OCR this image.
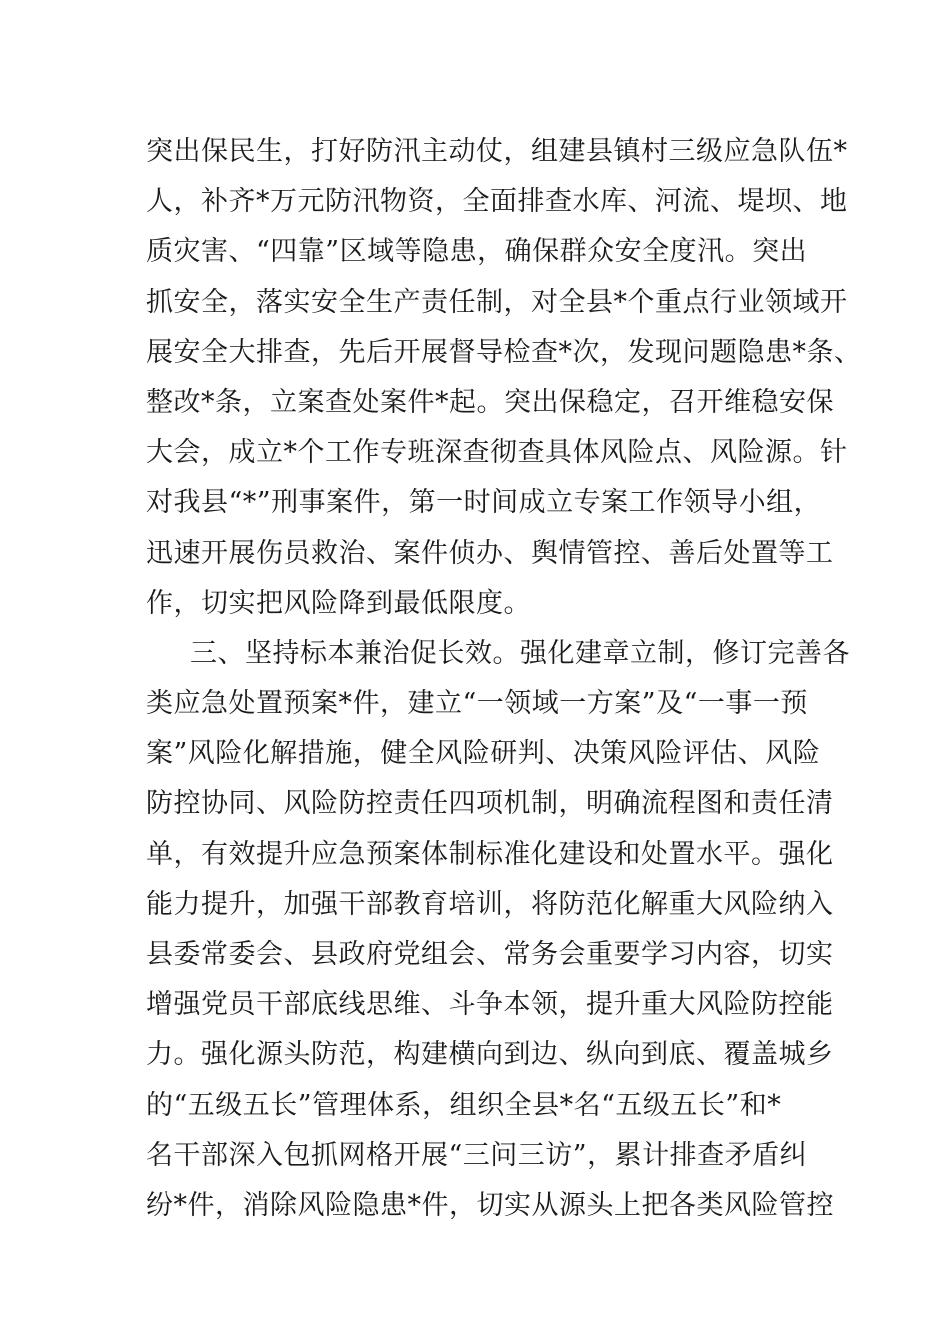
突出保民生，打好防汛主动仗，组建县镇村三级应急队伍*
人，补齐*万元防汛物资，全面排查水库、河流、堤坝、地
质灾害、“四靠”区域等隐患，确保群众安全度汛。突出
抓安全，落实安全生产责任制，对全县*个重点行业领域开
展安全大排查，先后开展督导检查*次，发现问题隐患*条、
整改*条，立案查处案件*起。突出保稳定，召开维稳安保
大会，成立*个工作专班深查彻查具体风险点、风险源。针
对我县“*”刑事案件，第一时间成立专案工作领导小组，
迅速开展伤员救治、案件侦办、舆情管控、善后处置等工
作，切实把风险降到最低限度。
三、坚持标本兼治促长效。强化建章立制，修订完善各
类应急处置预案*件，建立“一领域一方案”及“一事一预
案”风险化解措施，健全风险研判、决策风险评估、风险
防控协同、风险防控责任四项机制，明确流程图和责任清
单，有效提升应急预案体制标准化建设和处置水平。强化
能力提升，加强干部教育培训，将防范化解重大风险纳入
县委常委会、县政府党组会、常务会重要学习内容，切实
增强党员干部底线思维、斗争本领，提升重大风险防控能
力。强化源头防范，构建横向到边、纵向到底、覆盖城乡
的“五级五长”管理体系，组织全县*名“五级五长”和*
名干部深入包抓网格开展“三问三访”，累计排查矛盾纠
纷*件，消除风险隐患*件，切实从源头上把各类风险管控
